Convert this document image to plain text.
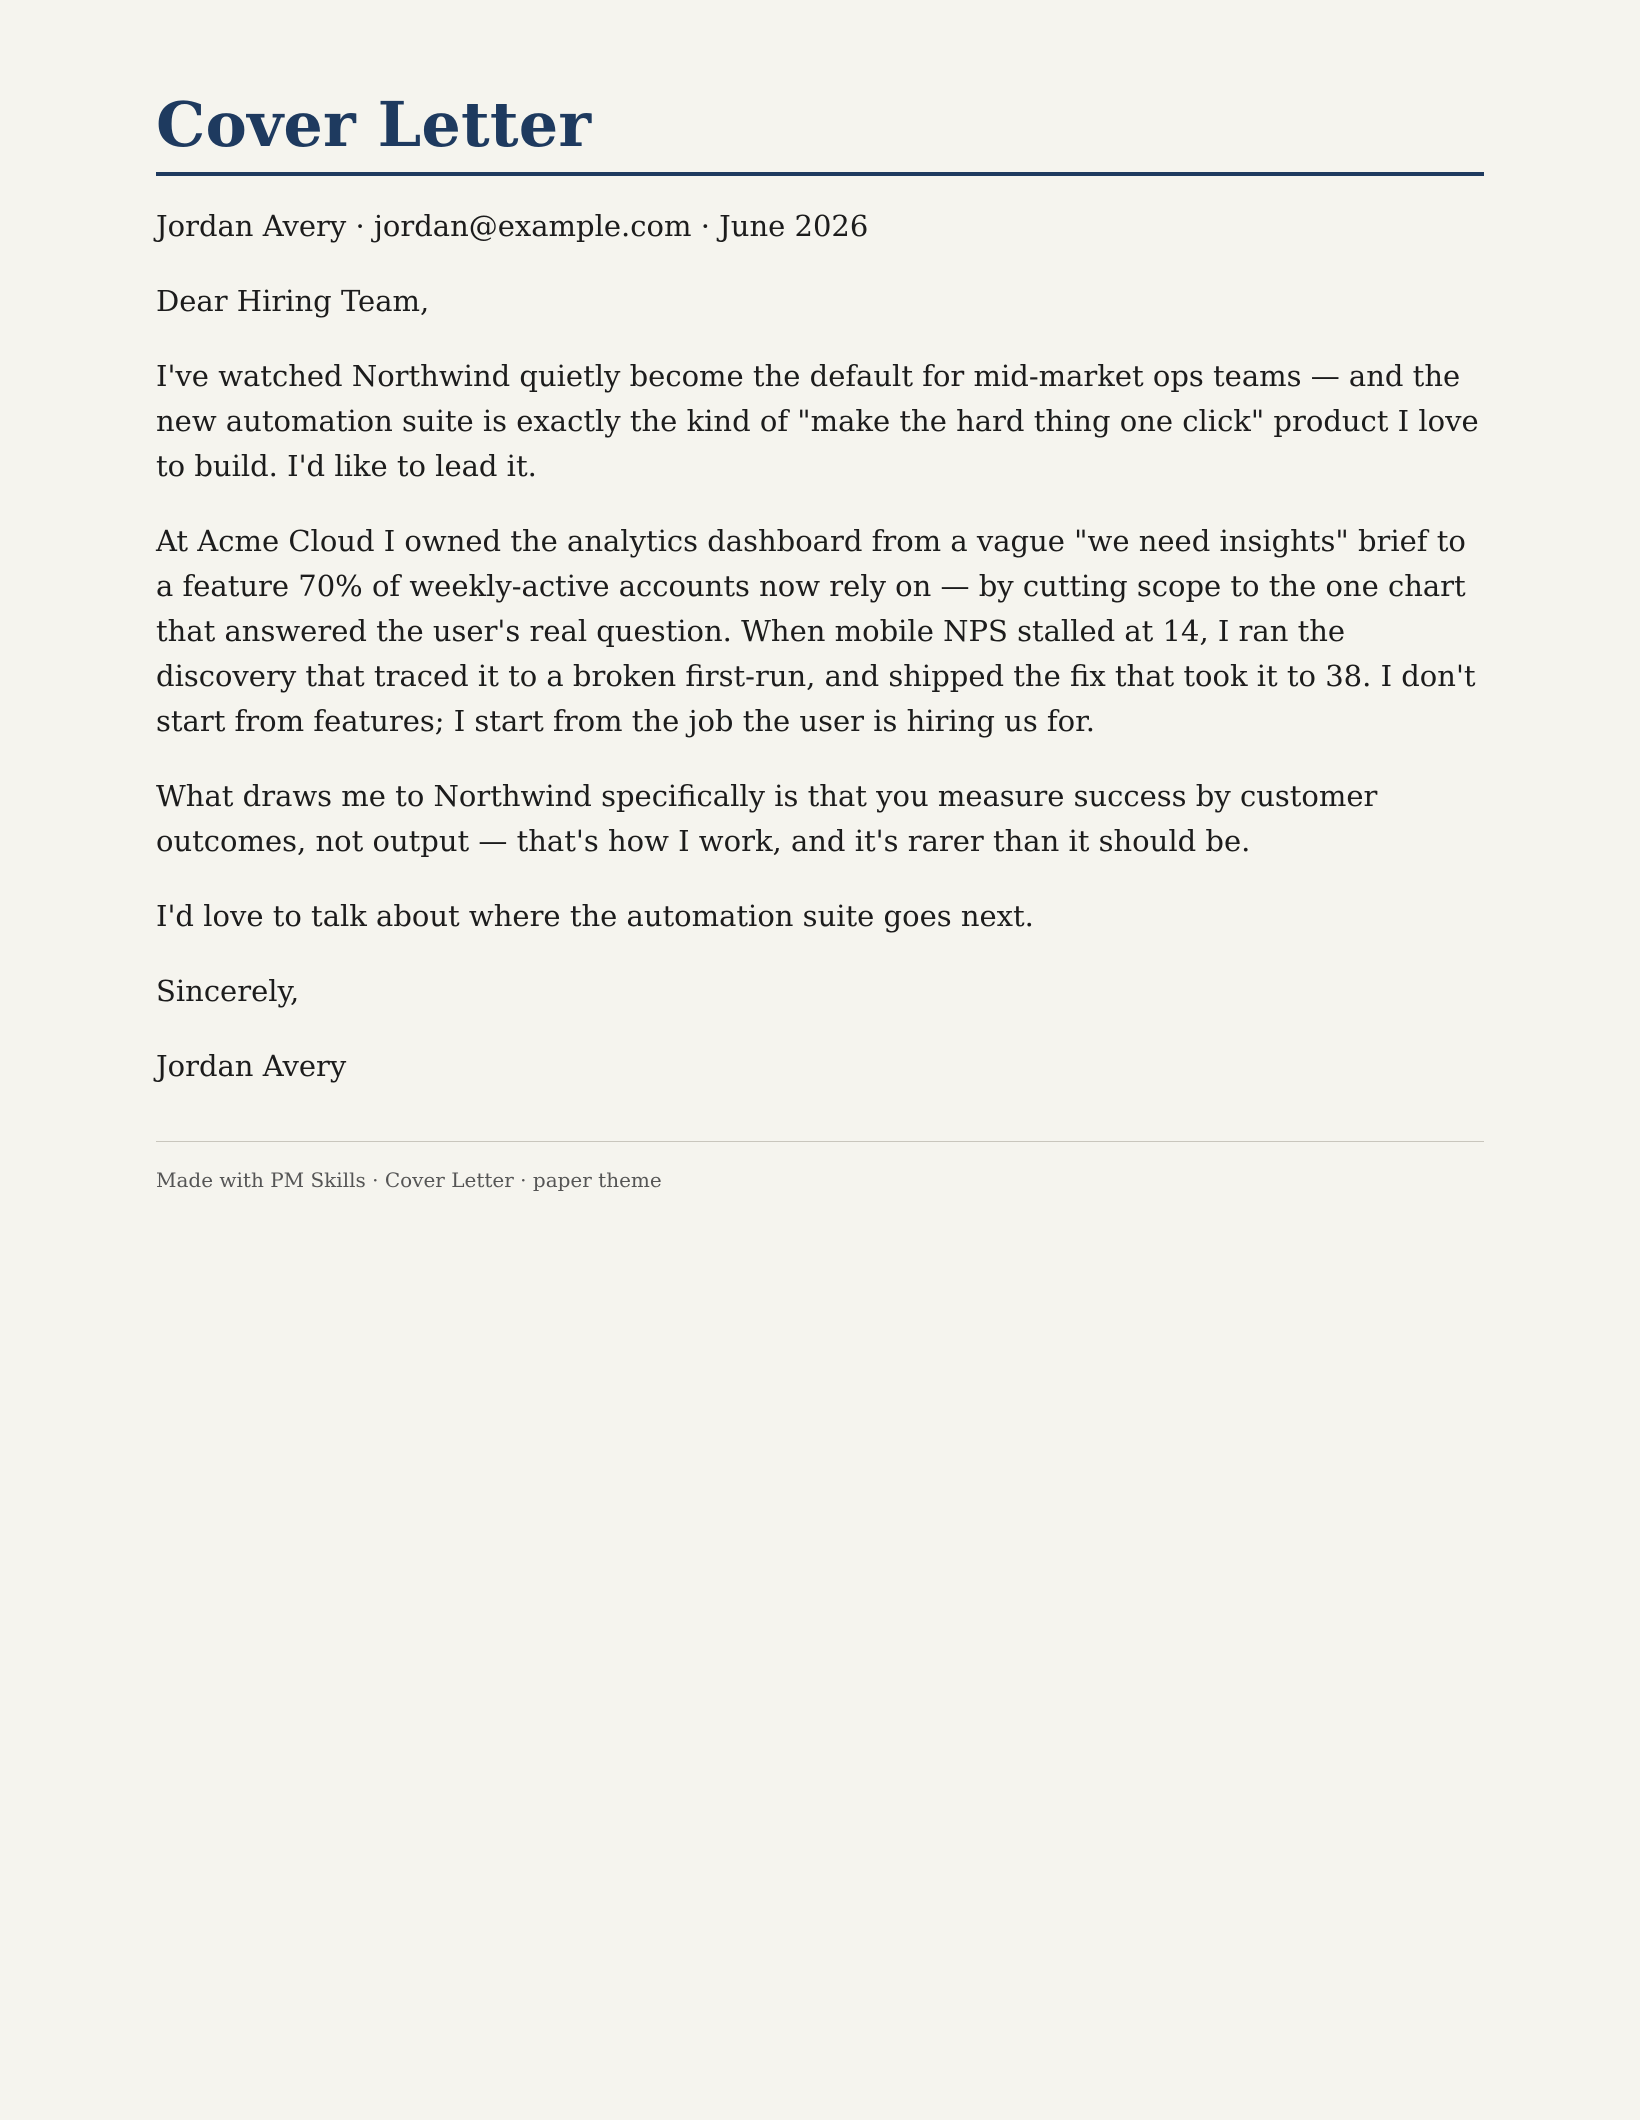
Cover Letter
Jordan Avery · jordan@example.com · June 2026

Dear Hiring Team,

I've watched Northwind quietly become the default for mid-market ops teams — and the new automation suite is exactly the kind of "make the hard thing one click" product I love to build. I'd like to lead it.

At Acme Cloud I owned the analytics dashboard from a vague "we need insights" brief to a feature 70% of weekly-active accounts now rely on — by cutting scope to the one chart that answered the user's real question. When mobile NPS stalled at 14, I ran the discovery that traced it to a broken first-run, and shipped the fix that took it to 38. I don't start from features; I start from the job the user is hiring us for.

What draws me to Northwind specifically is that you measure success by customer outcomes, not output — that's how I work, and it's rarer than it should be.

I'd love to talk about where the automation suite goes next.

Sincerely,

Jordan Avery

Made with PM Skills · Cover Letter · paper theme
